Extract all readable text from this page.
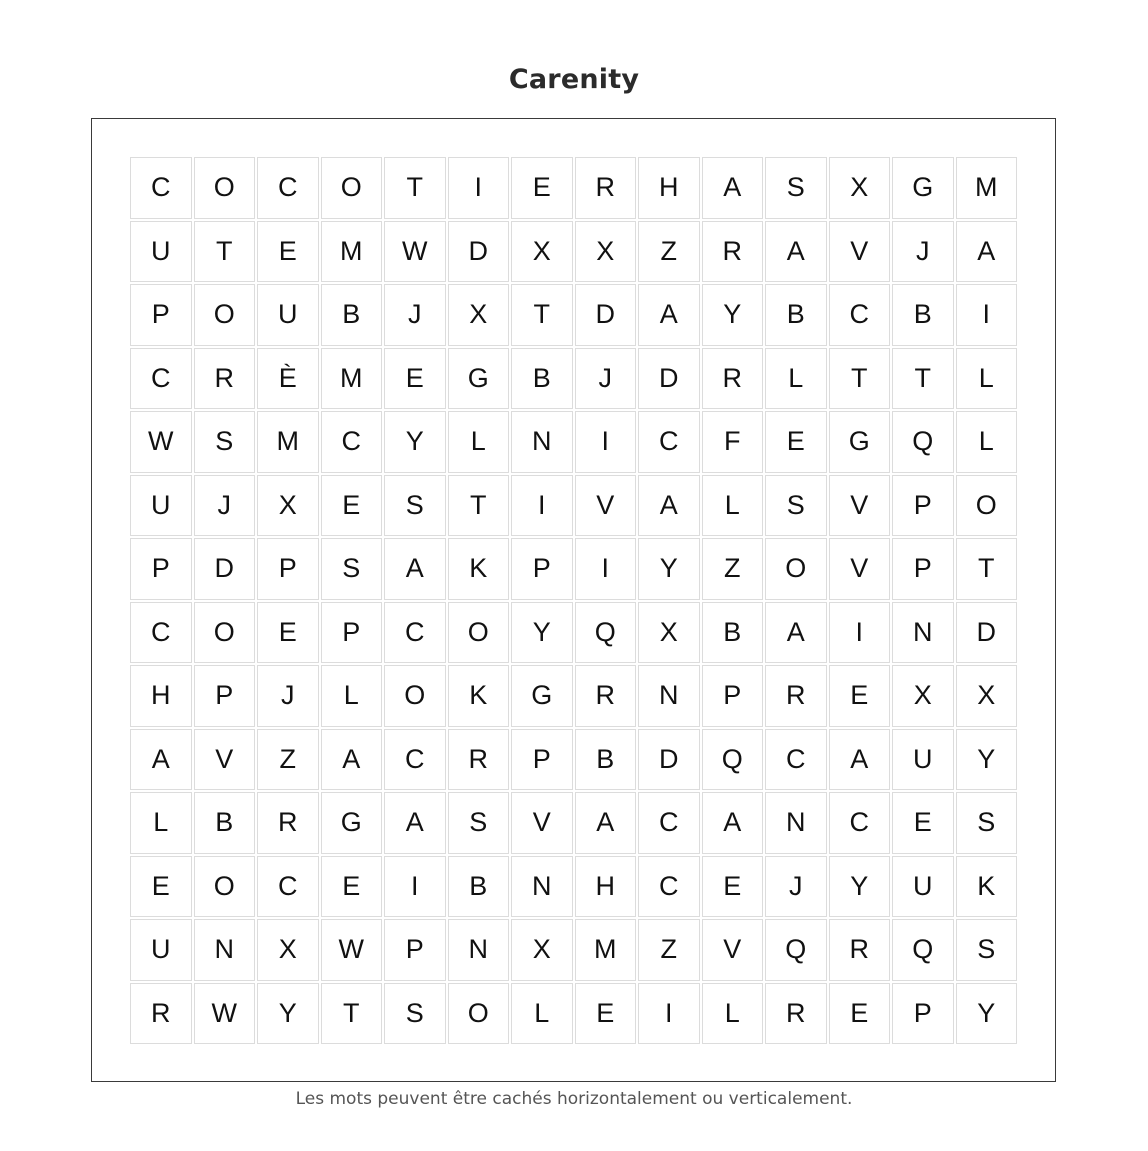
Carenity
C	O	C	O	T	I	E	R	H	A	S	X	G	M
U	T	E	M	W	D	X	X	Z	R	A	V	J	A
P	O	U	B	J	X	T	D	A	Y	B	C	B	I
C	R	È	M	E	G	B	J	D	R	L	T	T	L
W	S	M	C	Y	L	N	I	C	F	E	G	Q	L
U	J	X	E	S	T	I	V	A	L	S	V	P	O
P	D	P	S	A	K	P	I	Y	Z	O	V	P	T
C	O	E	P	C	O	Y	Q	X	B	A	I	N	D
H	P	J	L	O	K	G	R	N	P	R	E	X	X
A	V	Z	A	C	R	P	B	D	Q	C	A	U	Y
L	B	R	G	A	S	V	A	C	A	N	C	E	S
E	O	C	E	I	B	N	H	C	E	J	Y	U	K
U	N	X	W	P	N	X	M	Z	V	Q	R	Q	S
R	W	Y	T	S	O	L	E	I	L	R	E	P	Y
Les mots peuvent être cachés horizontalement ou verticalement.
